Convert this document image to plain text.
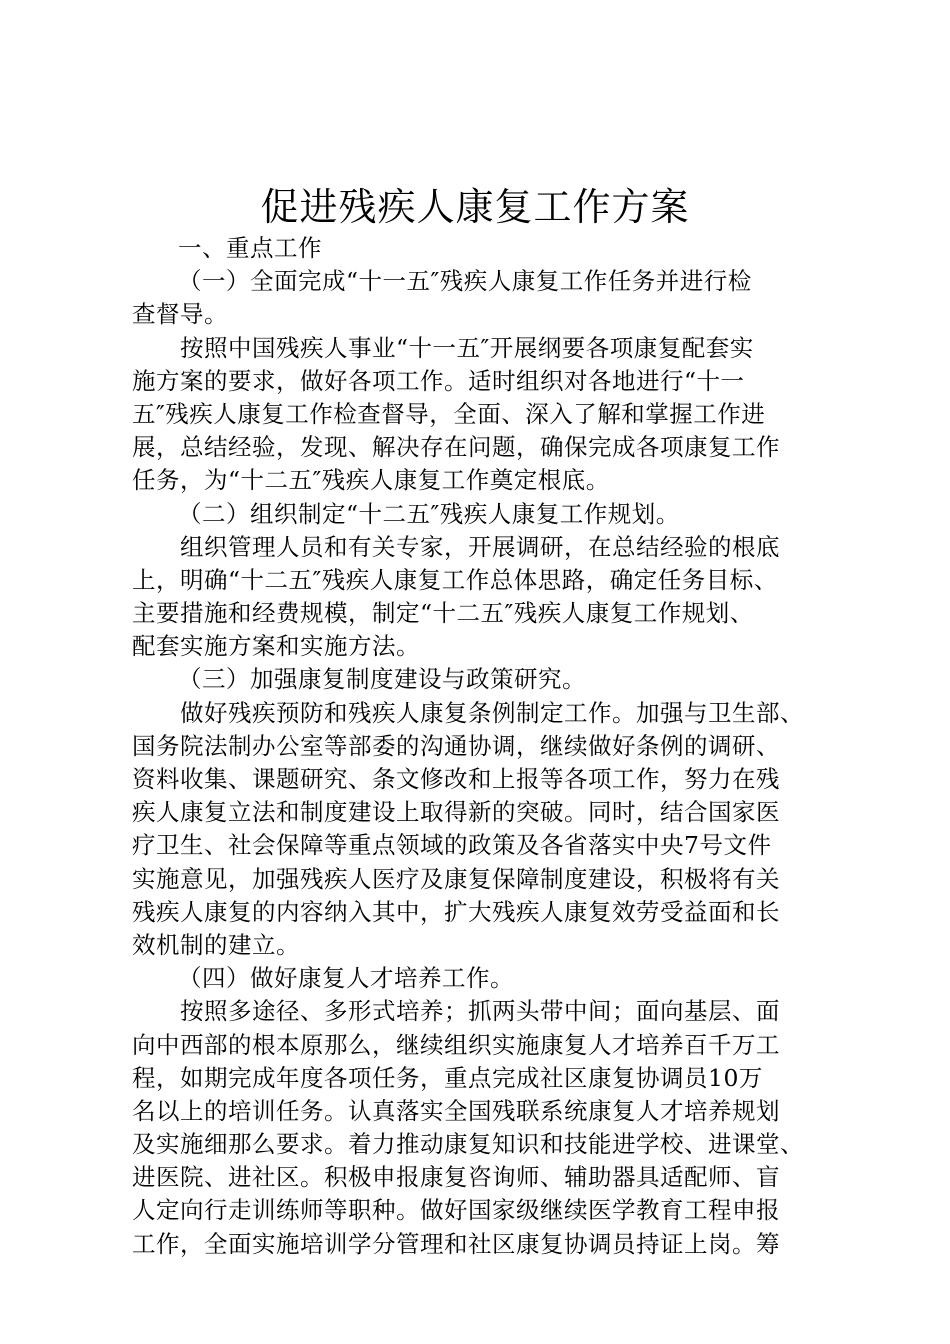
促进残疾人康复工作方案
一、重点工作
（一）全面完成“十一五″残疾人康复工作任务并进行检
查督导。
按照中国残疾人事业“十一五″开展纲要各项康复配套实
施方案的要求，做好各项工作。适时组织对各地进行“十一
五″残疾人康复工作检查督导，全面、深入了解和掌握工作进
展，总结经验，发现、解决存在问题，确保完成各项康复工作
任务，为“十二五″残疾人康复工作奠定根底。
（二）组织制定“十二五″残疾人康复工作规划。
组织管理人员和有关专家，开展调研，在总结经验的根底
上，明确“十二五″残疾人康复工作总体思路，确定任务目标、
主要措施和经费规模，制定“十二五″残疾人康复工作规划、
配套实施方案和实施方法。
（三）加强康复制度建设与政策研究。
做好残疾预防和残疾人康复条例制定工作。加强与卫生部、
国务院法制办公室等部委的沟通协调，继续做好条例的调研、
资料收集、课题研究、条文修改和上报等各项工作，努力在残
疾人康复立法和制度建设上取得新的突破。同时，结合国家医
疗卫生、社会保障等重点领域的政策及各省落实中央7号文件
实施意见，加强残疾人医疗及康复保障制度建设，积极将有关
残疾人康复的内容纳入其中，扩大残疾人康复效劳受益面和长
效机制的建立。
（四）做好康复人才培养工作。
按照多途径、多形式培养；抓两头带中间；面向基层、面
向中西部的根本原那么，继续组织实施康复人才培养百千万工
程，如期完成年度各项任务，重点完成社区康复协调员10万
名以上的培训任务。认真落实全国残联系统康复人才培养规划
及实施细那么要求。着力推动康复知识和技能进学校、进课堂、
进医院、进社区。积极申报康复咨询师、辅助器具适配师、盲
人定向行走训练师等职种。做好国家级继续医学教育工程申报
工作，全面实施培训学分管理和社区康复协调员持证上岗。筹
